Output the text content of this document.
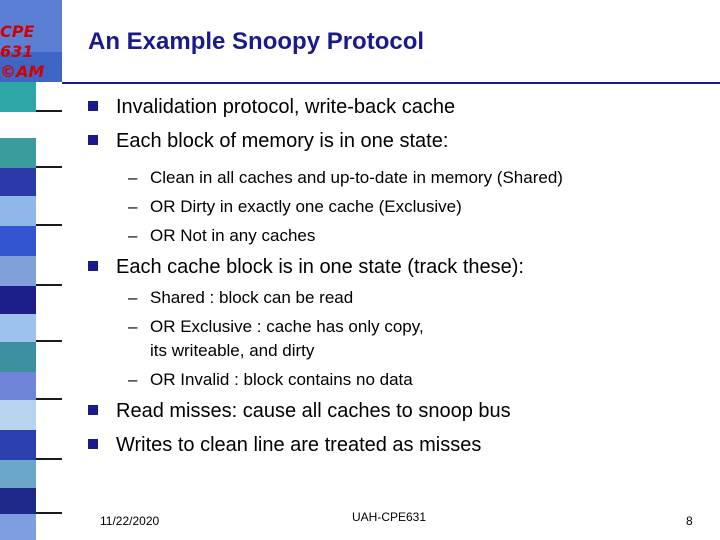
CPE
631
©AM
An Example Snoopy Protocol
Invalidation protocol, write-back cache
Each block of memory is in one state:
– Clean in all caches and up-to-date in memory (Shared)
– OR Dirty in exactly one cache (Exclusive)
– OR Not in any caches
Each cache block is in one state (track these):
– Shared : block can be read
– OR Exclusive : cache has only copy,
its writeable, and dirty
– OR Invalid : block contains no data
Read misses: cause all caches to snoop bus
Writes to clean line are treated as misses
11/22/2020	UAH-CPE631	8
